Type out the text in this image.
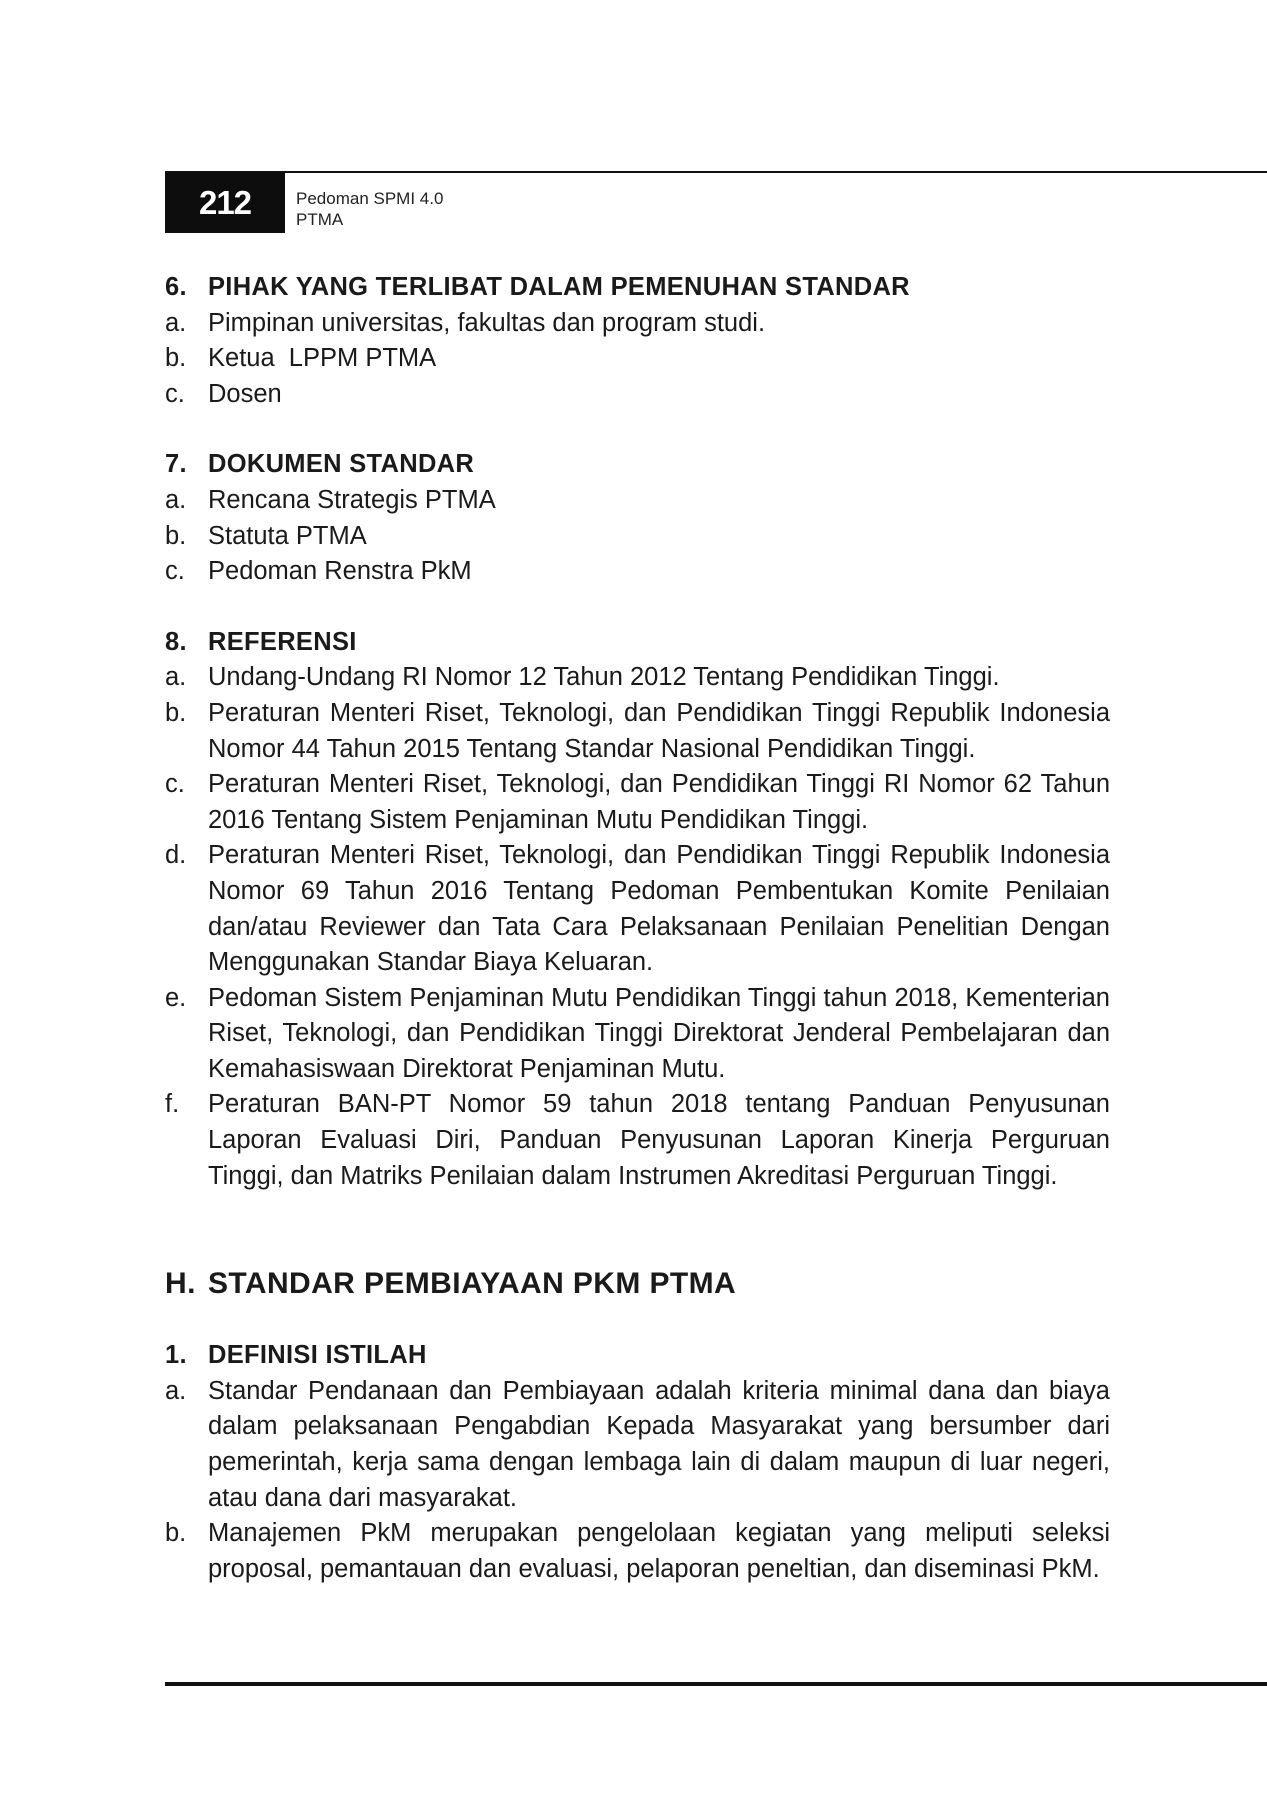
212	Pedoman SPMI 4.0
PTMA
6. PIHAK YANG TERLIBAT DALAM PEMENUHAN STANDAR
a. Pimpinan universitas, fakultas dan program studi.
b. Ketua  LPPM PTMA
c. Dosen
7. DOKUMEN STANDAR
a. Rencana Strategis PTMA
b. Statuta PTMA
c. Pedoman Renstra PkM
8. REFERENSI
a. Undang-Undang RI Nomor 12 Tahun 2012 Tentang Pendidikan Tinggi.
b. Peraturan Menteri Riset, Teknologi, dan Pendidikan Tinggi Republik Indonesia Nomor 44 Tahun 2015 Tentang Standar Nasional Pendidikan Tinggi.
c. Peraturan Menteri Riset, Teknologi, dan Pendidikan Tinggi RI Nomor 62 Tahun 2016 Tentang Sistem Penjaminan Mutu Pendidikan Tinggi.
d. Peraturan Menteri Riset, Teknologi, dan Pendidikan Tinggi Republik Indonesia Nomor 69 Tahun 2016 Tentang Pedoman Pembentukan Komite Penilaian dan/atau Reviewer dan Tata Cara Pelaksanaan Penilaian Penelitian Dengan Menggunakan Standar Biaya Keluaran.
e. Pedoman Sistem Penjaminan Mutu Pendidikan Tinggi tahun 2018, Kementerian Riset, Teknologi, dan Pendidikan Tinggi Direktorat Jenderal Pembelajaran dan Kemahasiswaan Direktorat Penjaminan Mutu.
f.	Peraturan BAN-PT Nomor 59 tahun 2018 tentang Panduan Penyusunan Laporan Evaluasi Diri, Panduan Penyusunan Laporan Kinerja Perguruan Tinggi, dan Matriks Penilaian dalam Instrumen Akreditasi Perguruan Tinggi.
H. STANDAR PEMBIAYAAN PKM PTMA
1. DEFINISI ISTILAH
a. Standar Pendanaan dan Pembiayaan adalah kriteria minimal dana dan biaya dalam pelaksanaan Pengabdian Kepada Masyarakat yang bersumber dari pemerintah, kerja sama dengan lembaga lain di dalam maupun di luar negeri, atau dana dari masyarakat.
b. Manajemen PkM merupakan pengelolaan kegiatan yang meliputi seleksi proposal, pemantauan dan evaluasi, pelaporan peneltian, dan diseminasi PkM.
